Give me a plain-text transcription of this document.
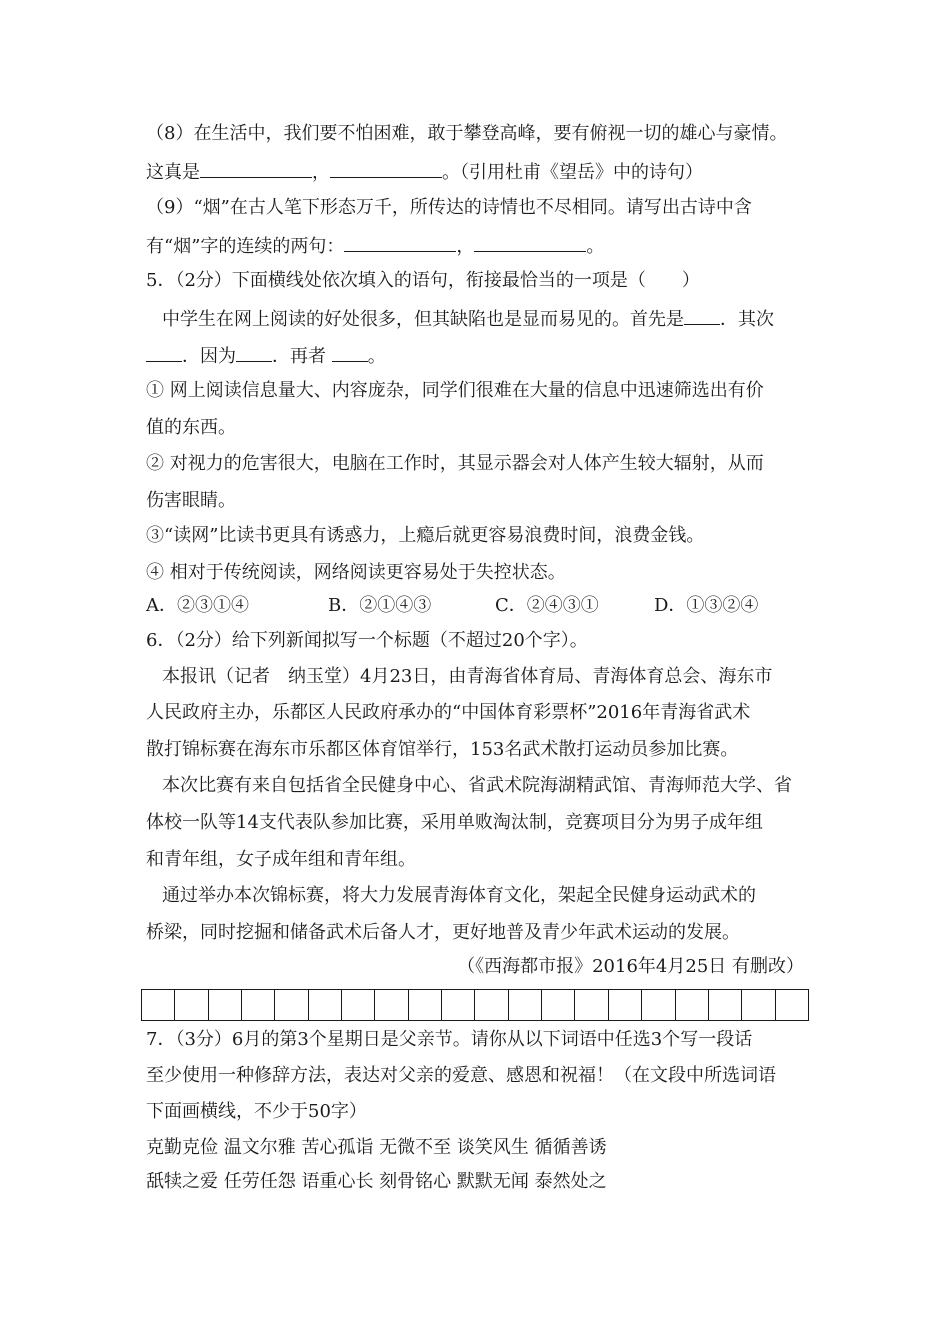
（8）在生活中，我们要不怕困难，敢于攀登高峰，要有俯视一切的雄心与豪情。
这真是	，	。（引用杜甫《望岳》中的诗句）
（9）“烟”在古人笔下形态万千，所传达的诗情也不尽相同。请写出古诗中含
有“烟”字的连续的两句：	，	。
5．（2分）下面横线处依次填入的语句，衔接最恰当的一项是（　　）
中学生在网上阅读的好处很多，但其缺陷也是显而易见的。首先是 ．其次
．因为 ．再者 。
① 网上阅读信息量大、内容庞杂，同学们很难在大量的信息中迅速筛选出有价
值的东西。
② 对视力的危害很大，电脑在工作时，其显示器会对人体产生较大辐射，从而
伤害眼睛。
③“读网”比读书更具有诱惑力，上瘾后就更容易浪费时间，浪费金钱。
④ 相对于传统阅读，网络阅读更容易处于失控状态。
A．②③①④	B．②①④③	C．②④③①	D．①③②④
6．（2分）给下列新闻拟写一个标题（不超过20个字）。
本报讯（记者　纳玉堂）4月23日，由青海省体育局、青海体育总会、海东市
人民政府主办，乐都区人民政府承办的“中国体育彩票杯”2016年青海省武术
散打锦标赛在海东市乐都区体育馆举行，153名武术散打运动员参加比赛。
本次比赛有来自包括省全民健身中心、省武术院海湖精武馆、青海师范大学、省
体校一队等14支代表队参加比赛，采用单败淘汰制，竞赛项目分为男子成年组
和青年组，女子成年组和青年组。
通过举办本次锦标赛，将大力发展青海体育文化，架起全民健身运动武术的
桥梁，同时挖掘和储备武术后备人才，更好地普及青少年武术运动的发展。
（《西海都市报》2016年4月25日 有删改）
7．（3分）6月的第3个星期日是父亲节。请你从以下词语中任选3个写一段话
至少使用一种修辞方法，表达对父亲的爱意、感恩和祝福！（在文段中所选词语
下面画横线，不少于50字）
克勤克俭 温文尔雅 苦心孤诣 无微不至 谈笑风生 循循善诱
舐犊之爱 任劳任怨 语重心长 刻骨铭心 默默无闻 泰然处之
